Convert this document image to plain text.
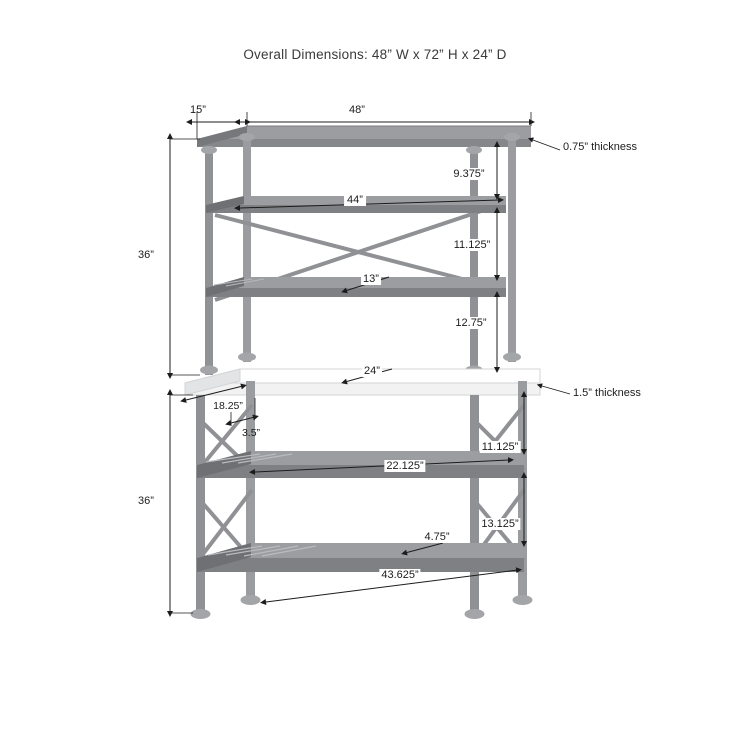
Overall Dimensions: 48” W x 72” H x 24” D
15”	48”
36”
0.75” thickness
9.375”
44”
11.125”
13”
12.75”
24”
1.5” thickness
18.25”
3.5”
36”
11.125”
22.125”
13.125”
4.75”
43.625”
